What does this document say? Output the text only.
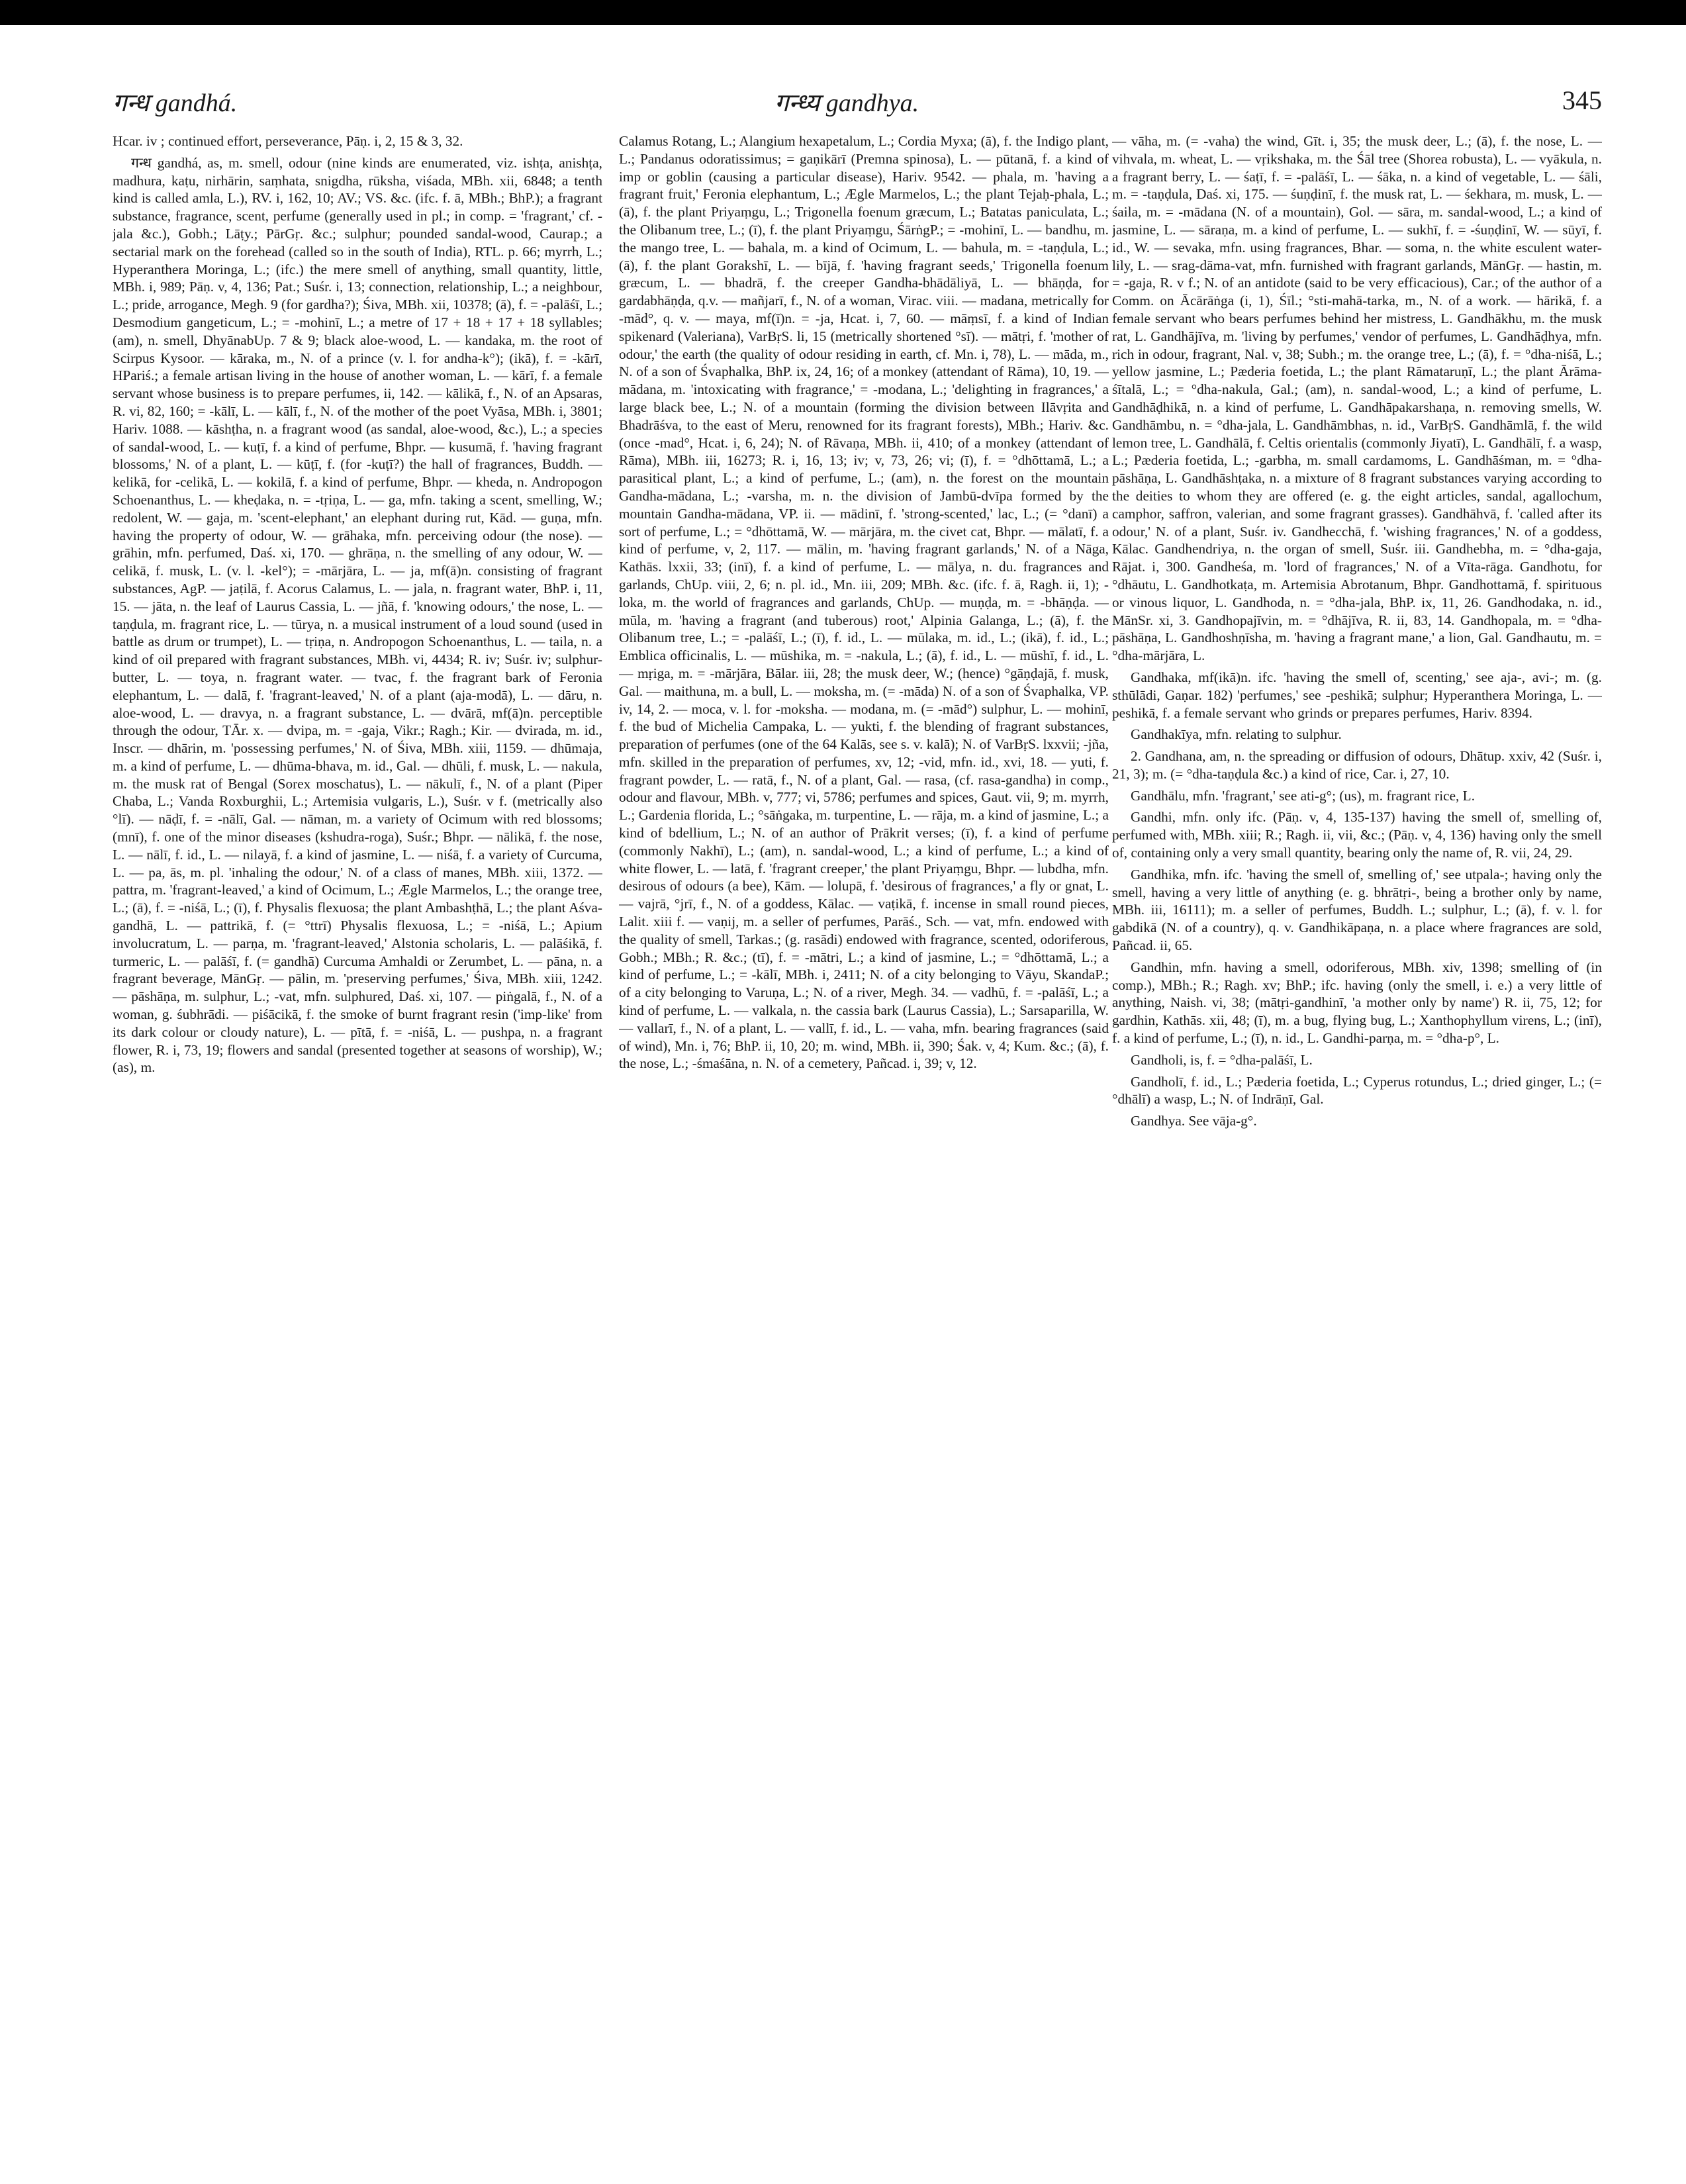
गन्ध gandhá.	गन्ध्य gandhya.	345

Hcar. iv ; continued effort, perseverance, Pāṇ. i, 2, 15 & 3, 32.

गन्ध gandhá, as, m. smell, odour (nine kinds are enumerated, viz. ishṭa, anishṭa, madhura, kaṭu, nirhārin, saṃhata, snigdha, rūksha, viśada, MBh. xii, 6848; a tenth kind is called amla, L.), RV. i, 162, 10; AV.; VS. &c. (ifc. f. ā, MBh.; BhP.); a fragrant substance, fragrance, scent, perfume (generally used in pl.; in comp. = 'fragrant,' cf. -jala &c.), Gobh.; Lāṭy.; PārGṛ. &c.; sulphur; pounded sandal-wood, Caurap.; a sectarial mark on the forehead (called so in the south of India), RTL. p. 66; myrrh, L.; Hyperanthera Moringa, L.; (ifc.) the mere smell of anything, small quantity, little, MBh. i, 989; Pāṇ. v, 4, 136; Pat.; Suśr. i, 13; connection, relationship, L.; a neighbour, L.; pride, arrogance, Megh. 9 (for gardha?); Śiva, MBh. xii, 10378; (ā), f. = -palāśī, L.; Desmodium gangeticum, L.; = -mohinī, L.; a metre of 17 + 18 + 17 + 18 syllables; (am), n. smell, DhyānabUp. 7 & 9; black aloe-wood, L. — kandaka, m. the root of Scirpus Kysoor. — kāraka, m., N. of a prince (v. l. for andha-k°); (ikā), f. = -kārī, HPariś.; a female artisan living in the house of another woman, L. — kārī, f. a female servant whose business is to prepare perfumes, ii, 142. — kālikā, f., N. of an Apsaras, R. vi, 82, 160; = -kālī, L. — kālī, f., N. of the mother of the poet Vyāsa, MBh. i, 3801; Hariv. 1088. — kāshṭha, n. a fragrant wood (as sandal, aloe-wood, &c.), L.; a species of sandal-wood, L. — kuṭī, f. a kind of perfume, Bhpr. — kusumā, f. 'having fragrant blossoms,' N. of a plant, L. — kūṭī, f. (for -kuṭī?) the hall of fragrances, Buddh. — kelikā, for -celikā, L. — kokilā, f. a kind of perfume, Bhpr. — kheda, n. Andropogon Schoenanthus, L. — kheḍaka, n. = -tṛiṇa, L. — ga, mfn. taking a scent, smelling, W.; redolent, W. — gaja, m. 'scent-elephant,' an elephant during rut, Kād. — guṇa, mfn. having the property of odour, W. — grāhaka, mfn. perceiving odour (the nose). — grāhin, mfn. perfumed, Daś. xi, 170. — ghrāṇa, n. the smelling of any odour, W. — celikā, f. musk, L. (v. l. -kel°); = -mārjāra, L. — ja, mf(ā)n. consisting of fragrant substances, AgP. — jaṭilā, f. Acorus Calamus, L. — jala, n. fragrant water, BhP. i, 11, 15. — jāta, n. the leaf of Laurus Cassia, L. — jñā, f. 'knowing odours,' the nose, L. — taṇḍula, m. fragrant rice, L. — tūrya, n. a musical instrument of a loud sound (used in battle as drum or trumpet), L. — tṛiṇa, n. Andropogon Schoenanthus, L. — taila, n. a kind of oil prepared with fragrant substances, MBh. vi, 4434; R. iv; Suśr. iv; sulphur-butter, L. — toya, n. fragrant water. — tvac, f. the fragrant bark of Feronia elephantum, L. — dalā, f. 'fragrant-leaved,' N. of a plant (aja-modā), L. — dāru, n. aloe-wood, L. — dravya, n. a fragrant substance, L. — dvārā, mf(ā)n. perceptible through the odour, TĀr. x. — dvipa, m. = -gaja, Vikr.; Ragh.; Kir. — dvirada, m. id., Inscr. — dhārin, m. 'possessing perfumes,' N. of Śiva, MBh. xiii, 1159. — dhūmaja, m. a kind of perfume, L. — dhūma-bhava, m. id., Gal. — dhūli, f. musk, L. — nakula, m. the musk rat of Bengal (Sorex moschatus), L. — nākulī, f., N. of a plant (Piper Chaba, L.; Vanda Roxburghii, L.; Artemisia vulgaris, L.), Suśr. v f. (metrically also °lī). — nāḍī, f. = -nālī, Gal. — nāman, m. a variety of Ocimum with red blossoms; (mnī), f. one of the minor diseases (kshudra-roga), Suśr.; Bhpr. — nālikā, f. the nose, L. — nālī, f. id., L. — nilayā, f. a kind of jasmine, L. — niśā, f. a variety of Curcuma, L. — pa, ās, m. pl. 'inhaling the odour,' N. of a class of manes, MBh. xiii, 1372. — pattra, m. 'fragrant-leaved,' a kind of Ocimum, L.; Ægle Marmelos, L.; the orange tree, L.; (ā), f. = -niśā, L.; (ī), f. Physalis flexuosa; the plant Ambashṭhā, L.; the plant Aśva-gandhā, L. — pattrikā, f. (= °ttrī) Physalis flexuosa, L.; = -niśā, L.; Apium involucratum, L. — parṇa, m. 'fragrant-leaved,' Alstonia scholaris, L. — palāśikā, f. turmeric, L. — palāśī, f. (= gandhā) Curcuma Amhaldi or Zerumbet, L. — pāna, n. a fragrant beverage, MānGṛ. — pālin, m. 'preserving perfumes,' Śiva, MBh. xiii, 1242. — pāshāṇa, m. sulphur, L.; -vat, mfn. sulphured, Daś. xi, 107. — piṅgalā, f., N. of a woman, g. śubhrādi. — piśācikā, f. the smoke of burnt fragrant resin ('imp-like' from its dark colour or cloudy nature), L. — pītā, f. = -niśā, L. — pushpa, n. a fragrant flower, R. i, 73, 19; flowers and sandal (presented together at seasons of worship), W.; (as), m.

Calamus Rotang, L.; Alangium hexapetalum, L.; Cordia Myxa; (ā), f. the Indigo plant, L.; Pandanus odoratissimus; = gaṇikārī (Premna spinosa), L. — pūtanā, f. a kind of imp or goblin (causing a particular disease), Hariv. 9542. — phala, m. 'having a fragrant fruit,' Feronia elephantum, L.; Ægle Marmelos, L.; the plant Tejaḥ-phala, L.; (ā), f. the plant Priyaṃgu, L.; Trigonella foenum græcum, L.; Batatas paniculata, L.; the Olibanum tree, L.; (ī), f. the plant Priyaṃgu, ŚārṅgP.; = -mohinī, L. — bandhu, m. the mango tree, L. — bahala, m. a kind of Ocimum, L. — bahula, m. = -taṇḍula, L.; (ā), f. the plant Gorakshī, L. — bījā, f. 'having fragrant seeds,' Trigonella foenum græcum, L. — bhadrā, f. the creeper Gandha-bhādāliyā, L. — bhāṇḍa, for gardabhāṇḍa, q.v. — mañjarī, f., N. of a woman, Virac. viii. — madana, metrically for -mād°, q. v. — maya, mf(ī)n. = -ja, Hcat. i, 7, 60. — māṃsī, f. a kind of Indian spikenard (Valeriana), VarBṛS. li, 15 (metrically shortened °sī). — mātṛi, f. 'mother of odour,' the earth (the quality of odour residing in earth, cf. Mn. i, 78), L. — māda, m., N. of a son of Śvaphalka, BhP. ix, 24, 16; of a monkey (attendant of Rāma), 10, 19. — mādana, m. 'intoxicating with fragrance,' = -modana, L.; 'delighting in fragrances,' a large black bee, L.; N. of a mountain (forming the division between Ilāvṛita and Bhadrāśva, to the east of Meru, renowned for its fragrant forests), MBh.; Hariv. &c. (once -mad°, Hcat. i, 6, 24); N. of Rāvaṇa, MBh. ii, 410; of a monkey (attendant of Rāma), MBh. iii, 16273; R. i, 16, 13; iv; v, 73, 26; vi; (ī), f. = °dhōttamā, L.; a parasitical plant, L.; a kind of perfume, L.; (am), n. the forest on the mountain Gandha-mādana, L.; -varsha, m. n. the division of Jambū-dvīpa formed by the mountain Gandha-mādana, VP. ii. — mādinī, f. 'strong-scented,' lac, L.; (= °danī) a sort of perfume, L.; = °dhōttamā, W. — mārjāra, m. the civet cat, Bhpr. — mālatī, f. a kind of perfume, v, 2, 117. — mālin, m. 'having fragrant garlands,' N. of a Nāga, Kathās. lxxii, 33; (inī), f. a kind of perfume, L. — mālya, n. du. fragrances and garlands, ChUp. viii, 2, 6; n. pl. id., Mn. iii, 209; MBh. &c. (ifc. f. ā, Ragh. ii, 1); -loka, m. the world of fragrances and garlands, ChUp. — muṇḍa, m. = -bhāṇḍa. — mūla, m. 'having a fragrant (and tuberous) root,' Alpinia Galanga, L.; (ā), f. the Olibanum tree, L.; = -palāśī, L.; (ī), f. id., L. — mūlaka, m. id., L.; (ikā), f. id., L.; Emblica officinalis, L. — mūshika, m. = -nakula, L.; (ā), f. id., L. — mūshī, f. id., L. — mṛiga, m. = -mārjāra, Bālar. iii, 28; the musk deer, W.; (hence) °gāṇḍajā, f. musk, Gal. — maithuna, m. a bull, L. — moksha, m. (= -māda) N. of a son of Śvaphalka, VP. iv, 14, 2. — moca, v. l. for -moksha. — modana, m. (= -mād°) sulphur, L. — mohinī, f. the bud of Michelia Campaka, L. — yukti, f. the blending of fragrant substances, preparation of perfumes (one of the 64 Kalās, see s. v. kalā); N. of VarBṛS. lxxvii; -jña, mfn. skilled in the preparation of perfumes, xv, 12; -vid, mfn. id., xvi, 18. — yuti, f. fragrant powder, L. — ratā, f., N. of a plant, Gal. — rasa, (cf. rasa-gandha) in comp., odour and flavour, MBh. v, 777; vi, 5786; perfumes and spices, Gaut. vii, 9; m. myrrh, L.; Gardenia florida, L.; °sāṅgaka, m. turpentine, L. — rāja, m. a kind of jasmine, L.; a kind of bdellium, L.; N. of an author of Prākrit verses; (ī), f. a kind of perfume (commonly Nakhī), L.; (am), n. sandal-wood, L.; a kind of perfume, L.; a kind of white flower, L. — latā, f. 'fragrant creeper,' the plant Priyaṃgu, Bhpr. — lubdha, mfn. desirous of odours (a bee), Kām. — lolupā, f. 'desirous of fragrances,' a fly or gnat, L. — vajrā, °jrī, f., N. of a goddess, Kālac. — vaṭikā, f. incense in small round pieces, Lalit. xiii f. — vaṇij, m. a seller of perfumes, Parāś., Sch. — vat, mfn. endowed with the quality of smell, Tarkas.; (g. rasādi) endowed with fragrance, scented, odoriferous, Gobh.; MBh.; R. &c.; (tī), f. = -mātri, L.; a kind of jasmine, L.; = °dhōttamā, L.; a kind of perfume, L.; = -kālī, MBh. i, 2411; N. of a city belonging to Vāyu, SkandaP.; of a city belonging to Varuṇa, L.; N. of a river, Megh. 34. — vadhū, f. = -palāśī, L.; a kind of perfume, L. — valkala, n. the cassia bark (Laurus Cassia), L.; Sarsaparilla, W. — vallarī, f., N. of a plant, L. — vallī, f. id., L. — vaha, mfn. bearing fragrances (said of wind), Mn. i, 76; BhP. ii, 10, 20; m. wind, MBh. ii, 390; Śak. v, 4; Kum. &c.; (ā), f. the nose, L.; -śmaśāna, n. N. of a cemetery, Pañcad. i, 39; v, 12.

— vāha, m. (= -vaha) the wind, Gīt. i, 35; the musk deer, L.; (ā), f. the nose, L. — vihvala, m. wheat, L. — vṛikshaka, m. the Śāl tree (Shorea robusta), L. — vyākula, n. a fragrant berry, L. — śaṭī, f. = -palāśī, L. — śāka, n. a kind of vegetable, L. — śāli, m. = -taṇḍula, Daś. xi, 175. — śuṇḍinī, f. the musk rat, L. — śekhara, m. musk, L. — śaila, m. = -mādana (N. of a mountain), Gol. — sāra, m. sandal-wood, L.; a kind of jasmine, L. — sāraṇa, m. a kind of perfume, L. — sukhī, f. = -śuṇḍinī, W. — sūyī, f. id., W. — sevaka, mfn. using fragrances, Bhar. — soma, n. the white esculent water-lily, L. — srag-dāma-vat, mfn. furnished with fragrant garlands, MānGṛ. — hastin, m. = -gaja, R. v f.; N. of an antidote (said to be very efficacious), Car.; of the author of a Comm. on Ācārāṅga (i, 1), Śīl.; °sti-mahā-tarka, m., N. of a work. — hārikā, f. a female servant who bears perfumes behind her mistress, L. Gandhākhu, m. the musk rat, L. Gandhājīva, m. 'living by perfumes,' vendor of perfumes, L. Gandhāḍhya, mfn. rich in odour, fragrant, Nal. v, 38; Subh.; m. the orange tree, L.; (ā), f. = °dha-niśā, L.; yellow jasmine, L.; Pæderia foetida, L.; the plant Rāmataruṇī, L.; the plant Ārāma-śītalā, L.; = °dha-nakula, Gal.; (am), n. sandal-wood, L.; a kind of perfume, L. Gandhāḍhikā, n. a kind of perfume, L. Gandhāpakarshaṇa, n. removing smells, W. Gandhāmbu, n. = °dha-jala, L. Gandhāmbhas, n. id., VarBṛS. Gandhāmlā, f. the wild lemon tree, L. Gandhālā, f. Celtis orientalis (commonly Jiyatī), L. Gandhālī, f. a wasp, L.; Pæderia foetida, L.; -garbha, m. small cardamoms, L. Gandhāśman, m. = °dha-pāshāṇa, L. Gandhāshṭaka, n. a mixture of 8 fragrant substances varying according to the deities to whom they are offered (e. g. the eight articles, sandal, agallochum, camphor, saffron, valerian, and some fragrant grasses). Gandhāhvā, f. 'called after its odour,' N. of a plant, Suśr. iv. Gandhecchā, f. 'wishing fragrances,' N. of a goddess, Kālac. Gandhendriya, n. the organ of smell, Suśr. iii. Gandhebha, m. = °dha-gaja, Rājat. i, 300. Gandheśa, m. 'lord of fragrances,' N. of a Vīta-rāga. Gandhotu, for °dhāutu, L. Gandhotkaṭa, m. Artemisia Abrotanum, Bhpr. Gandhottamā, f. spirituous or vinous liquor, L. Gandhoda, n. = °dha-jala, BhP. ix, 11, 26. Gandhodaka, n. id., MānSr. xi, 3. Gandhopajīvin, m. = °dhājīva, R. ii, 83, 14. Gandhopala, m. = °dha-pāshāṇa, L. Gandhoshṇīsha, m. 'having a fragrant mane,' a lion, Gal. Gandhautu, m. = °dha-mārjāra, L.

Gandhaka, mf(ikā)n. ifc. 'having the smell of, scenting,' see aja-, avi-; m. (g. sthūlādi, Gaṇar. 182) 'perfumes,' see -peshikā; sulphur; Hyperanthera Moringa, L. — peshikā, f. a female servant who grinds or prepares perfumes, Hariv. 8394.

Gandhakīya, mfn. relating to sulphur.

2. Gandhana, am, n. the spreading or diffusion of odours, Dhātup. xxiv, 42 (Suśr. i, 21, 3); m. (= °dha-taṇḍula &c.) a kind of rice, Car. i, 27, 10.

Gandhālu, mfn. 'fragrant,' see ati-g°; (us), m. fragrant rice, L.

Gandhi, mfn. only ifc. (Pāṇ. v, 4, 135-137) having the smell of, smelling of, perfumed with, MBh. xiii; R.; Ragh. ii, vii, &c.; (Pāṇ. v, 4, 136) having only the smell of, containing only a very small quantity, bearing only the name of, R. vii, 24, 29.

Gandhika, mfn. ifc. 'having the smell of, smelling of,' see utpala-; having only the smell, having a very little of anything (e. g. bhrātṛi-, being a brother only by name, MBh. iii, 16111); m. a seller of perfumes, Buddh. L.; sulphur, L.; (ā), f. v. l. for gabdikā (N. of a country), q. v. Gandhikāpaṇa, n. a place where fragrances are sold, Pañcad. ii, 65.

Gandhin, mfn. having a smell, odoriferous, MBh. xiv, 1398; smelling of (in comp.), MBh.; R.; Ragh. xv; BhP.; ifc. having (only the smell, i. e.) a very little of anything, Naish. vi, 38; (mātṛi-gandhinī, 'a mother only by name') R. ii, 75, 12; for gardhin, Kathās. xii, 48; (ī), m. a bug, flying bug, L.; Xanthophyllum virens, L.; (inī), f. a kind of perfume, L.; (ī), n. id., L. Gandhi-parṇa, m. = °dha-p°, L.

Gandholi, is, f. = °dha-palāśī, L.

Gandholī, f. id., L.; Pæderia foetida, L.; Cyperus rotundus, L.; dried ginger, L.; (= °dhālī) a wasp, L.; N. of Indrāṇī, Gal.

Gandhya. See vāja-g°.
